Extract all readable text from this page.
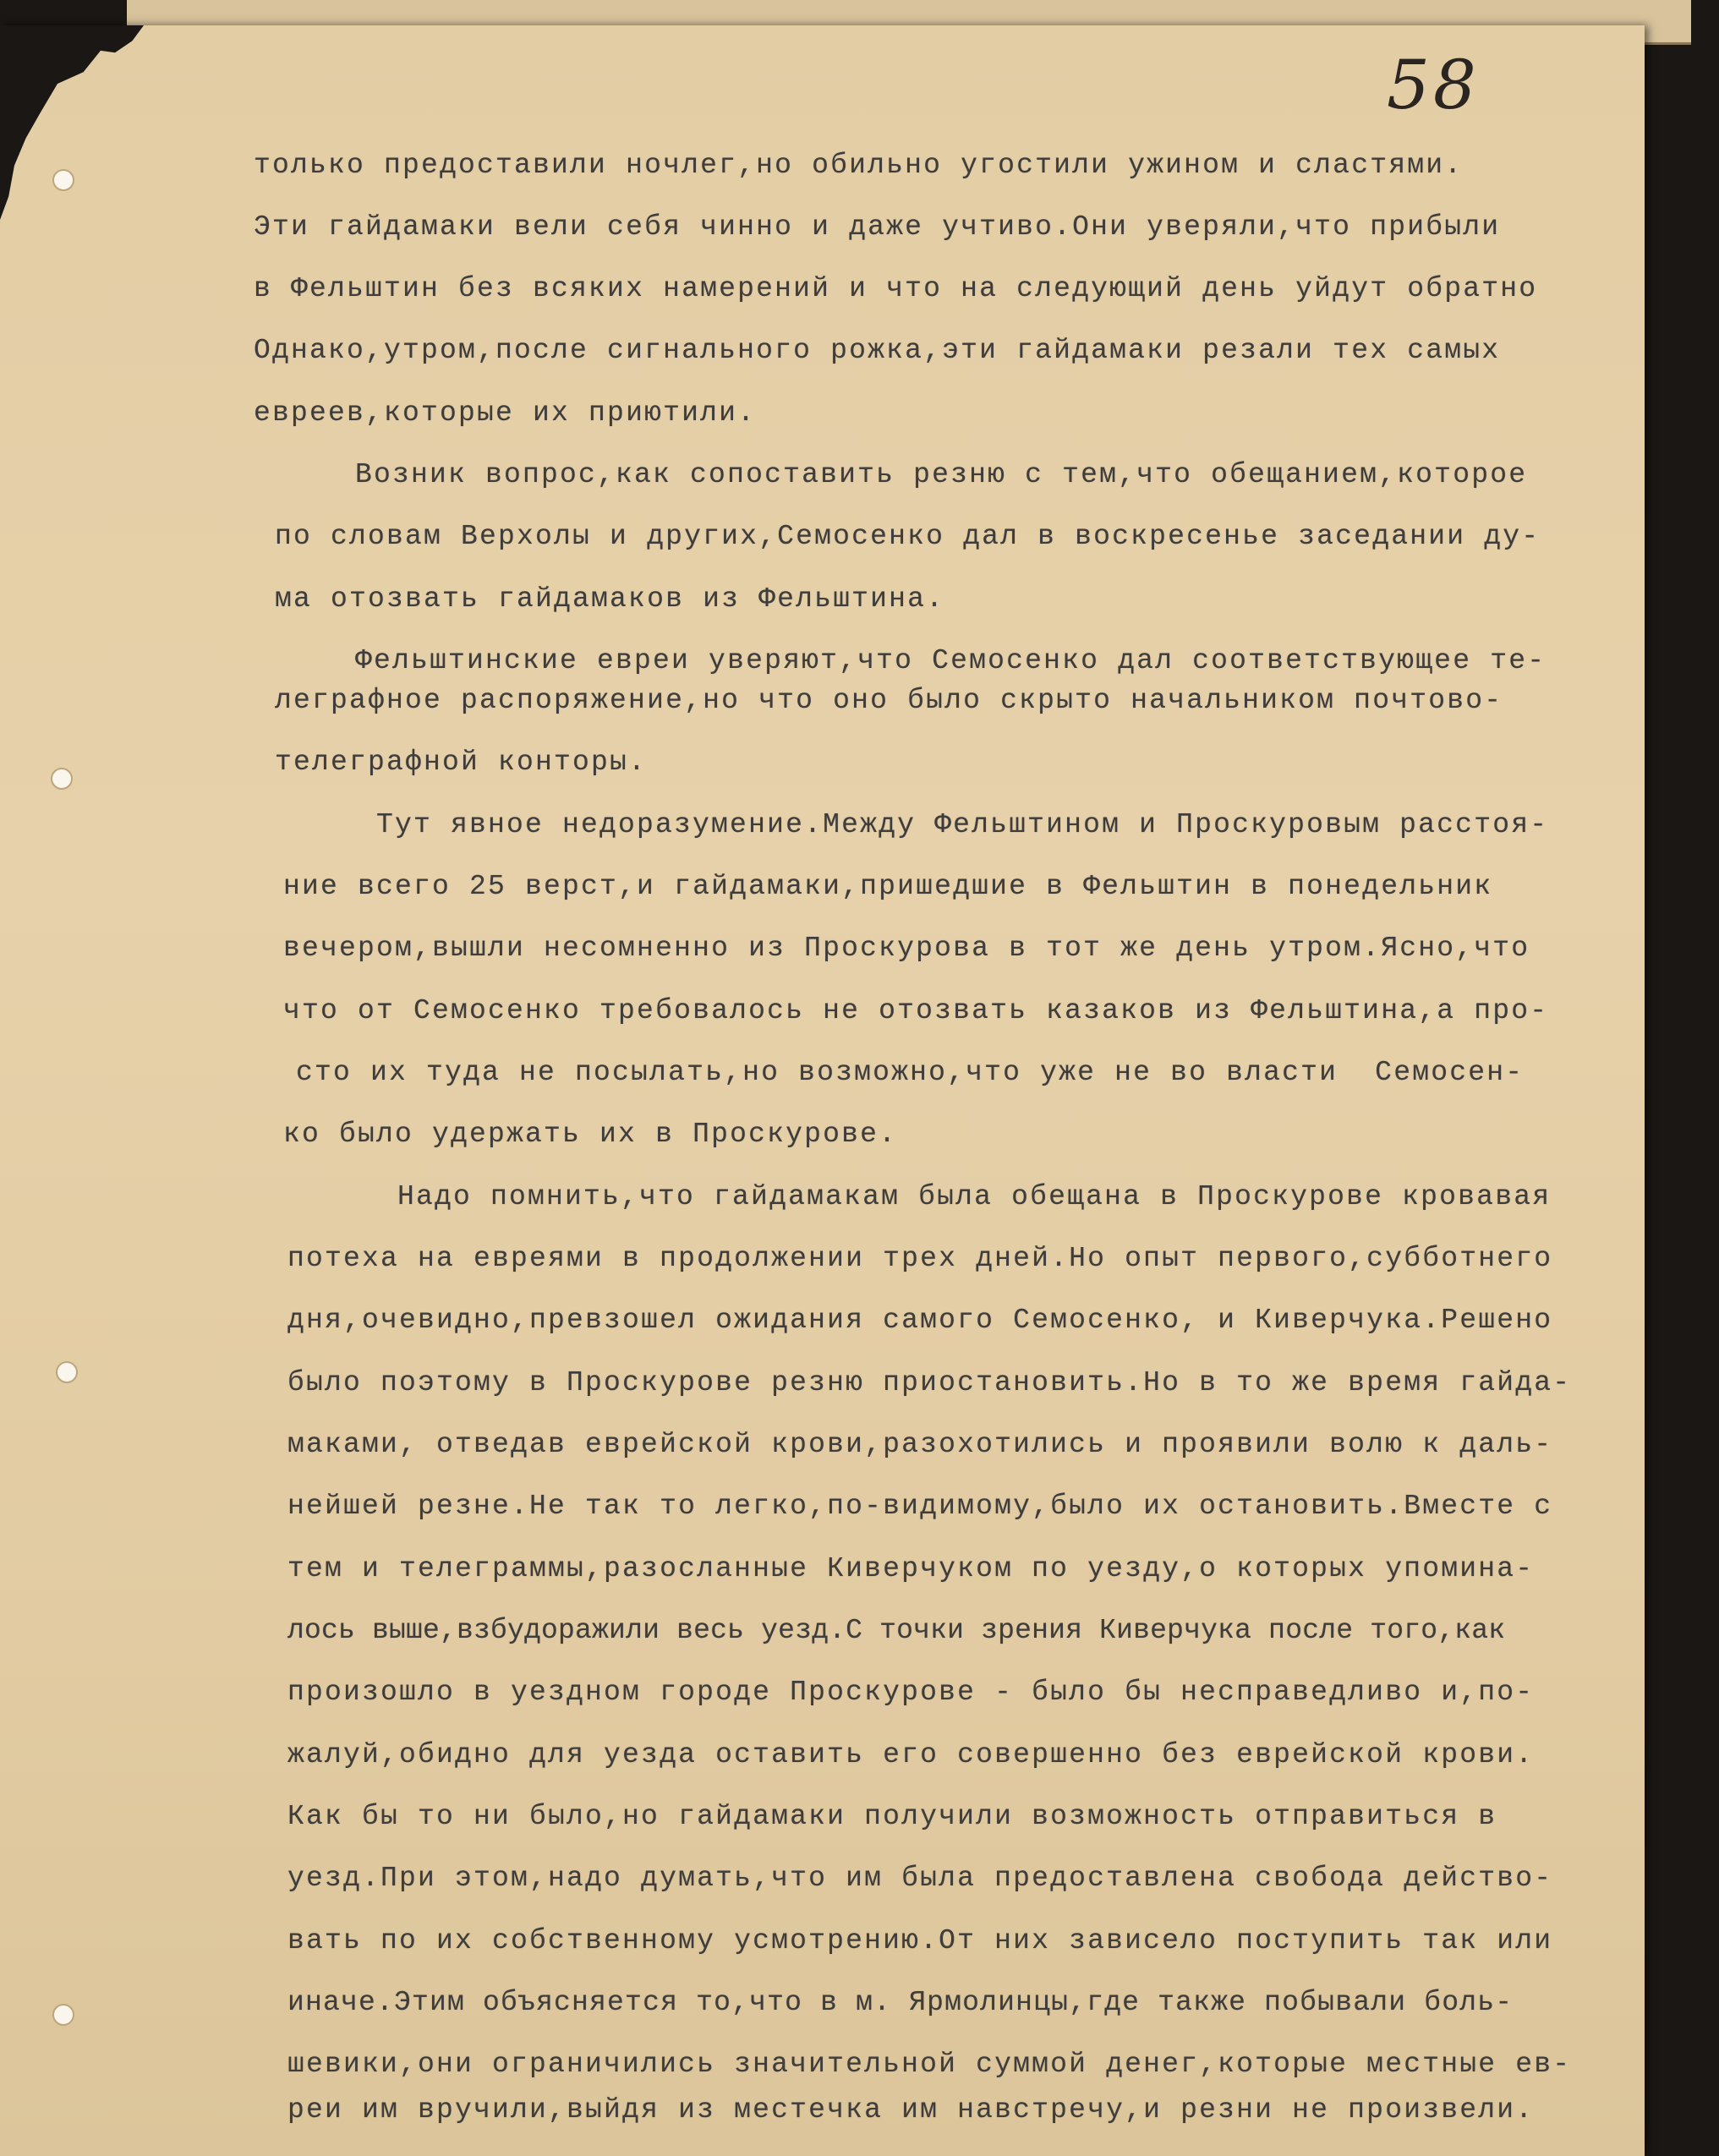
58

только предоставили ночлег,но обильно угостили ужином и сластями.

Эти гайдамаки вели себя чинно и даже учтиво.Они уверяли,что прибыли

в Фельштин без всяких намерений и что на следующий день уйдут обратно

Однако,утром,после сигнального рожка,эти гайдамаки резали тех самых

евреев,которые их приютили.

Возник вопрос,как сопоставить резню с тем,что обещанием,которое

по словам Верхолы и других,Семосенко дал в воскресенье заседании ду-

ма отозвать гайдамаков из Фельштина.

Фельштинские евреи уверяют,что Семосенко дал соответствующее те-

леграфное распоряжение,но что оно было скрыто начальником почтово-

телеграфной конторы.

Тут явное недоразумение.Между Фельштином и Проскуровым расстоя-

ние всего 25 верст,и гайдамаки,пришедшие в Фельштин в понедельник

вечером,вышли несомненно из Проскурова в тот же день утром.Ясно,что

что от Семосенко требовалось не отозвать казаков из Фельштина,а про-

сто их туда не посылать,но возможно,что уже не во власти  Семосен-

ко было удержать их в Проскурове.

Надо помнить,что гайдамакам была обещана в Проскурове кровавая

потеха на евреями в продолжении трех дней.Но опыт первого,субботнего

дня,очевидно,превзошел ожидания самого Семосенко, и Киверчука.Решено

было поэтому в Проскурове резню приостановить.Но в то же время гайда-

маками, отведав еврейской крови,разохотились и проявили волю к даль-

нейшей резне.Не так то легко,по-видимому,было их остановить.Вместе с

тем и телеграммы,разосланные Киверчуком по уезду,о которых упомина-

лось выше,взбудоражили весь уезд.С точки зрения Киверчука после того,как

произошло в уездном городе Проскурове - было бы несправедливо и,по-

жалуй,обидно для уезда оставить его совершенно без еврейской крови.

Как бы то ни было,но гайдамаки получили возможность отправиться в

уезд.При этом,надо думать,что им была предоставлена свобода действо-

вать по их собственному усмотрению.От них зависело поступить так или

иначе.Этим объясняется то,что в м. Ярмолинцы,где также побывали боль-

шевики,они ограничились значительной суммой денег,которые местные ев-

реи им вручили,выйдя из местечка им навстречу,и резни не произвели.
